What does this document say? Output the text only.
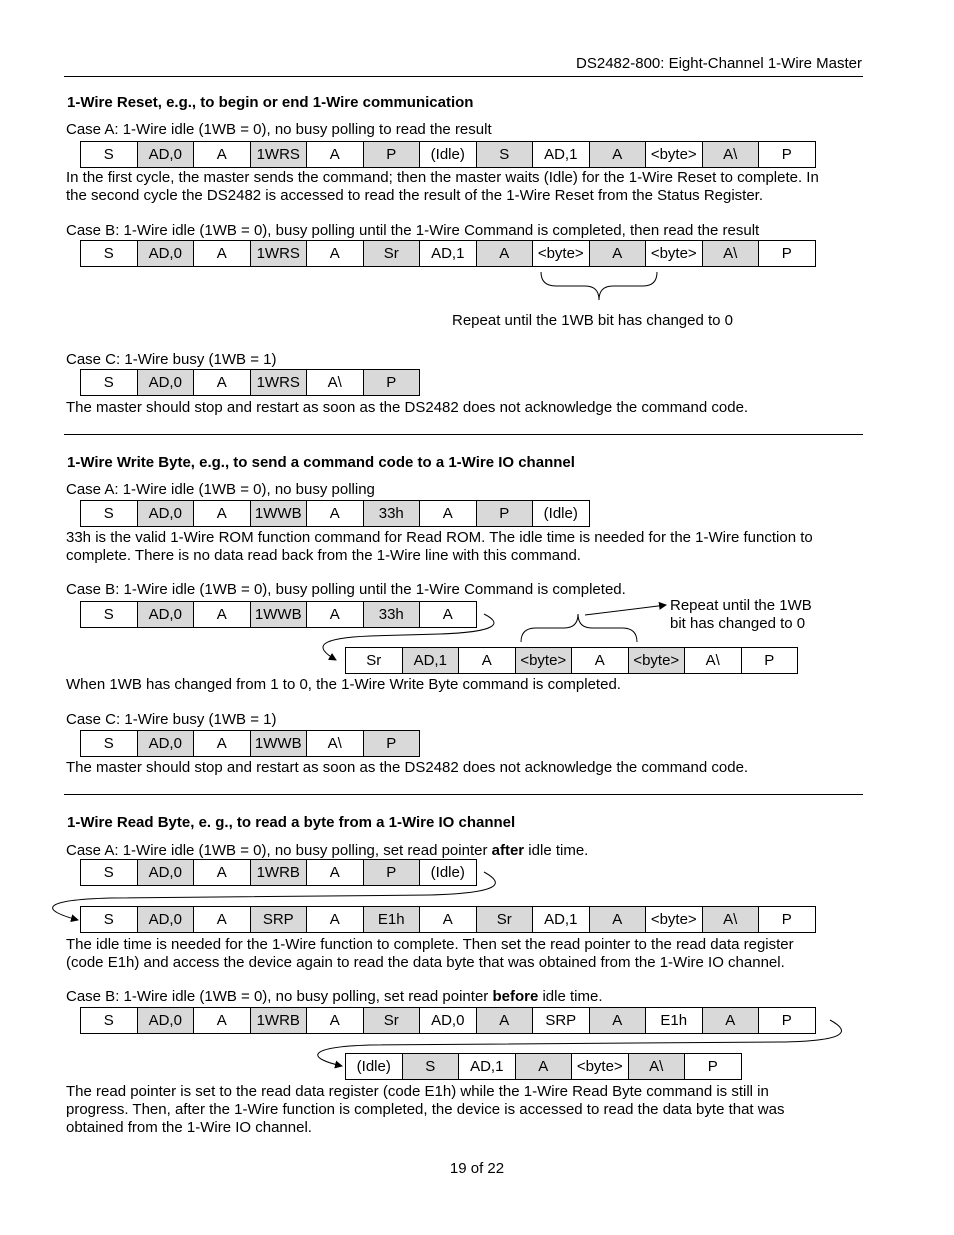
DS2482-800: Eight-Channel 1-Wire Master
1-Wire Reset, e.g., to begin or end 1-Wire communication
Case A: 1-Wire idle (1WB = 0), no busy polling to read the result
S	AD,0	A	1WRS	A	P	(Idle)	S	AD,1	A	<byte>	A\	P
In the first cycle, the master sends the command; then the master waits (Idle) for the 1-Wire Reset to complete. In
the second cycle the DS2482 is accessed to read the result of the 1-Wire Reset from the Status Register.
Case B: 1-Wire idle (1WB = 0), busy polling until the 1-Wire Command is completed, then read the result
S	AD,0	A	1WRS	A	Sr	AD,1	A	<byte>	A	<byte>	A\	P
Repeat until the 1WB bit has changed to 0
Case C: 1-Wire busy (1WB = 1)
S	AD,0	A	1WRS	A\	P
The master should stop and restart as soon as the DS2482 does not acknowledge the command code.
1-Wire Write Byte, e.g., to send a command code to a 1-Wire IO channel
Case A: 1-Wire idle (1WB = 0), no busy polling
S	AD,0	A	1WWB	A	33h	A	P	(Idle)
33h is the valid 1-Wire ROM function command for Read ROM. The idle time is needed for the 1-Wire function to
complete. There is no data read back from the 1-Wire line with this command.
Case B: 1-Wire idle (1WB = 0), busy polling until the 1-Wire Command is completed.
S	AD,0	A	1WWB	A	33h	A
Sr	AD,1	A	<byte>	A	<byte>	A\	P
Repeat until the 1WB
bit has changed to 0
When 1WB has changed from 1 to 0, the 1-Wire Write Byte command is completed.
Case C: 1-Wire busy (1WB = 1)
S	AD,0	A	1WWB	A\	P
The master should stop and restart as soon as the DS2482 does not acknowledge the command code.
1-Wire Read Byte, e. g., to read a byte from a 1-Wire IO channel
Case A: 1-Wire idle (1WB = 0), no busy polling, set read pointer after idle time.
S	AD,0	A	1WRB	A	P	(Idle)
S	AD,0	A	SRP	A	E1h	A	Sr	AD,1	A	<byte>	A\	P
The idle time is needed for the 1-Wire function to complete. Then set the read pointer to the read data register
(code E1h) and access the device again to read the data byte that was obtained from the 1-Wire IO channel.
Case B: 1-Wire idle (1WB = 0), no busy polling, set read pointer before idle time.
S	AD,0	A	1WRB	A	Sr	AD,0	A	SRP	A	E1h	A	P
(Idle)	S	AD,1	A	<byte>	A\	P
The read pointer is set to the read data register (code E1h) while the 1-Wire Read Byte command is still in
progress. Then, after the 1-Wire function is completed, the device is accessed to read the data byte that was
obtained from the 1-Wire IO channel.
19 of 22
